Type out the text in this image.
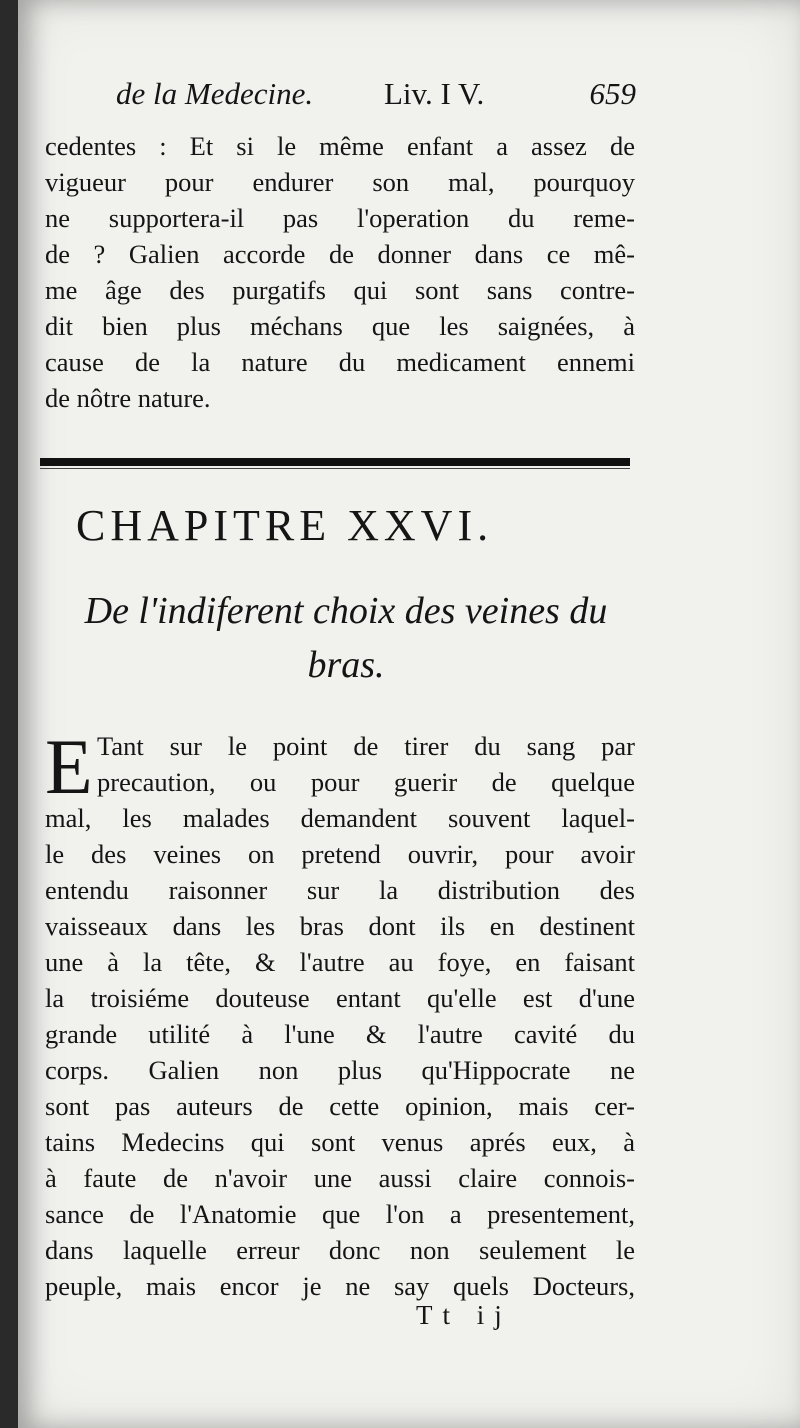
de la Medecine. Liv. I V.	659
cedentes : Et si le même enfant a assez de
vigueur pour endurer son mal, pourquoy
ne supportera-il pas l'operation du reme-
de ? Galien accorde de donner dans ce mê-
me âge des purgatifs qui sont sans contre-
dit bien plus méchans que les saignées, à
cause de la nature du medicament ennemi
de nôtre nature.
CHAPITRE XXVI.
De l'indiferent choix des veines du
bras.
E Tant sur le point de tirer du sang par
precaution, ou pour guerir de quelque
mal, les malades demandent souvent laquel-
le des veines on pretend ouvrir, pour avoir
entendu raisonner sur la distribution des
vaisseaux dans les bras dont ils en destinent
une à la tête, & l'autre au foye, en faisant
la troisiéme douteuse entant qu'elle est d'une
grande utilité à l'une & l'autre cavité du
corps. Galien non plus qu'Hippocrate ne
sont pas auteurs de cette opinion, mais cer-
tains Medecins qui sont venus aprés eux, à
à faute de n'avoir une aussi claire connois-
sance de l'Anatomie que l'on a presentement,
dans laquelle erreur donc non seulement le
peuple, mais encor je ne say quels Docteurs,
Tt ij
